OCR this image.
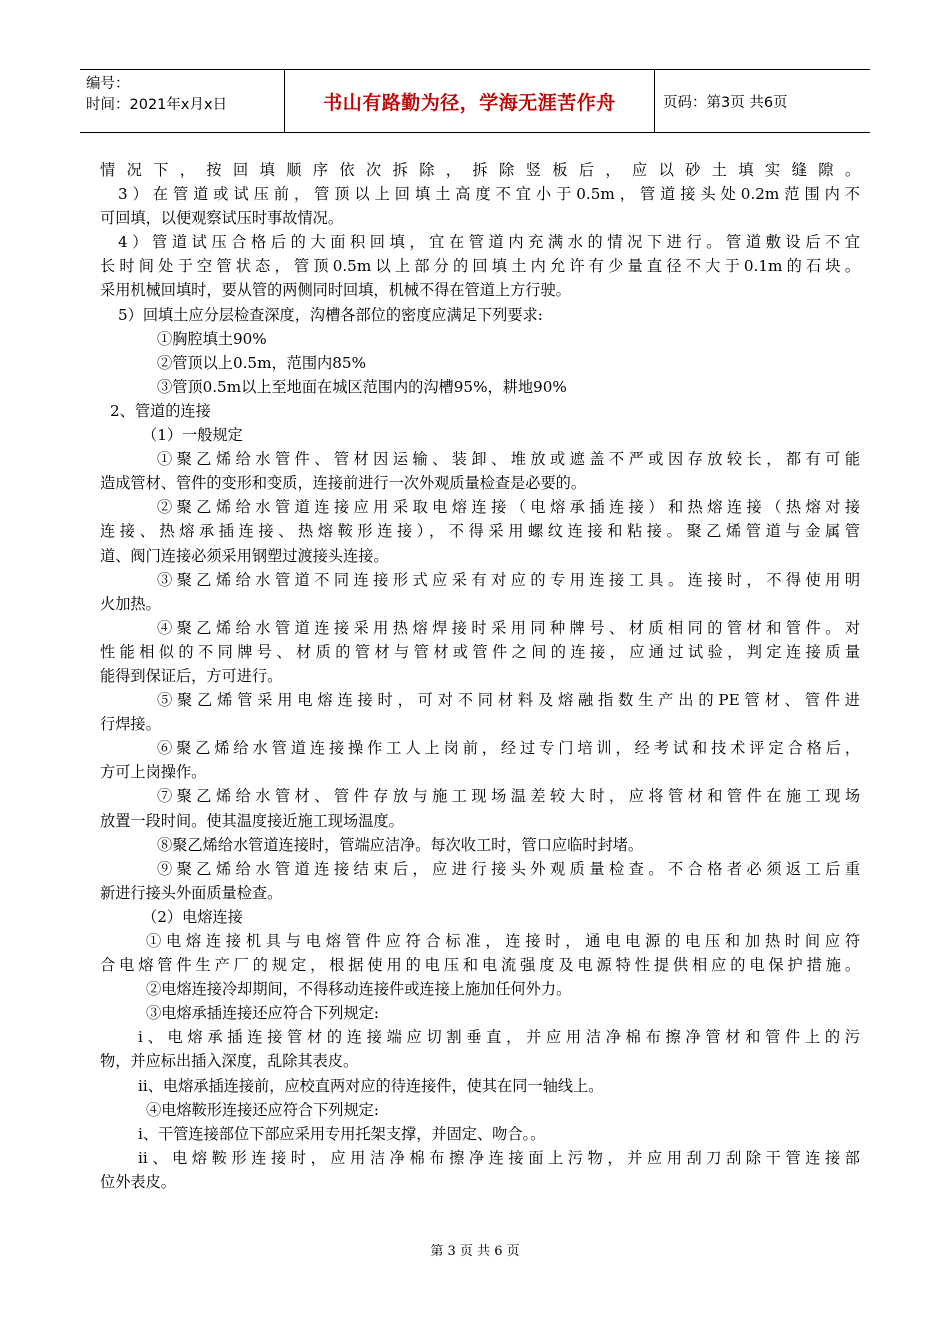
编号：
时间：2021年x月x日	书山有路勤为径，学海无涯苦作舟	页码：第3页 共6页
情况下，按回填顺序依次拆除，拆除竖板后，应以砂土填实缝隙。
3）在管道或试压前，管顶以上回填土高度不宜小于0.5m，管道接头处0.2m范围内不
可回填，以便观察试压时事故情况。
4）管道试压合格后的大面积回填，宜在管道内充满水的情况下进行。管道敷设后不宜
长时间处于空管状态，管顶0.5m以上部分的回填土内允许有少量直径不大于0.1m的石块。
采用机械回填时，要从管的两侧同时回填，机械不得在管道上方行驶。
5）回填土应分层检查深度，沟槽各部位的密度应满足下列要求:
①胸腔填土90%
②管顶以上0.5m，范围内85%
③管顶0.5m以上至地面在城区范围内的沟槽95%，耕地90%
2、管道的连接
（1）一般规定
①聚乙烯给水管件、管材因运输、装卸、堆放或遮盖不严或因存放较长，都有可能
造成管材、管件的变形和变质，连接前进行一次外观质量检查是必要的。
②聚乙烯给水管道连接应用采取电熔连接（电熔承插连接）和热熔连接（热熔对接
连接、热熔承插连接、热熔鞍形连接），不得采用螺纹连接和粘接。聚乙烯管道与金属管
道、阀门连接必须采用钢塑过渡接头连接。
③聚乙烯给水管道不同连接形式应采有对应的专用连接工具。连接时，不得使用明
火加热。
④聚乙烯给水管道连接采用热熔焊接时采用同种牌号、材质相同的管材和管件。对
性能相似的不同牌号、材质的管材与管材或管件之间的连接，应通过试验，判定连接质量
能得到保证后，方可进行。
⑤聚乙烯管采用电熔连接时，可对不同材料及熔融指数生产出的PE管材、管件进
行焊接。
⑥聚乙烯给水管道连接操作工人上岗前，经过专门培训，经考试和技术评定合格后，
方可上岗操作。
⑦聚乙烯给水管材、管件存放与施工现场温差较大时，应将管材和管件在施工现场
放置一段时间。使其温度接近施工现场温度。
⑧聚乙烯给水管道连接时，管端应洁净。每次收工时，管口应临时封堵。
⑨聚乙烯给水管道连接结束后，应进行接头外观质量检查。不合格者必须返工后重
新进行接头外面质量检查。
（2）电熔连接
①电熔连接机具与电熔管件应符合标准，连接时，通电电源的电压和加热时间应符
合电熔管件生产厂的规定，根据使用的电压和电流强度及电源特性提供相应的电保护措施。
②电熔连接冷却期间，不得移动连接件或连接上施加任何外力。
③电熔承插连接还应符合下列规定:
ⅰ、电熔承插连接管材的连接端应切割垂直，并应用洁净棉布擦净管材和管件上的污
物，并应标出插入深度，乱除其表皮。
ⅱ、电熔承插连接前，应校直两对应的待连接件，使其在同一轴线上。
④电熔鞍形连接还应符合下列规定:
ⅰ、干管连接部位下部应采用专用托架支撑，并固定、吻合。。
ⅱ、电熔鞍形连接时，应用洁净棉布擦净连接面上污物，并应用刮刀刮除干管连接部
位外表皮。
第 3 页 共 6 页
